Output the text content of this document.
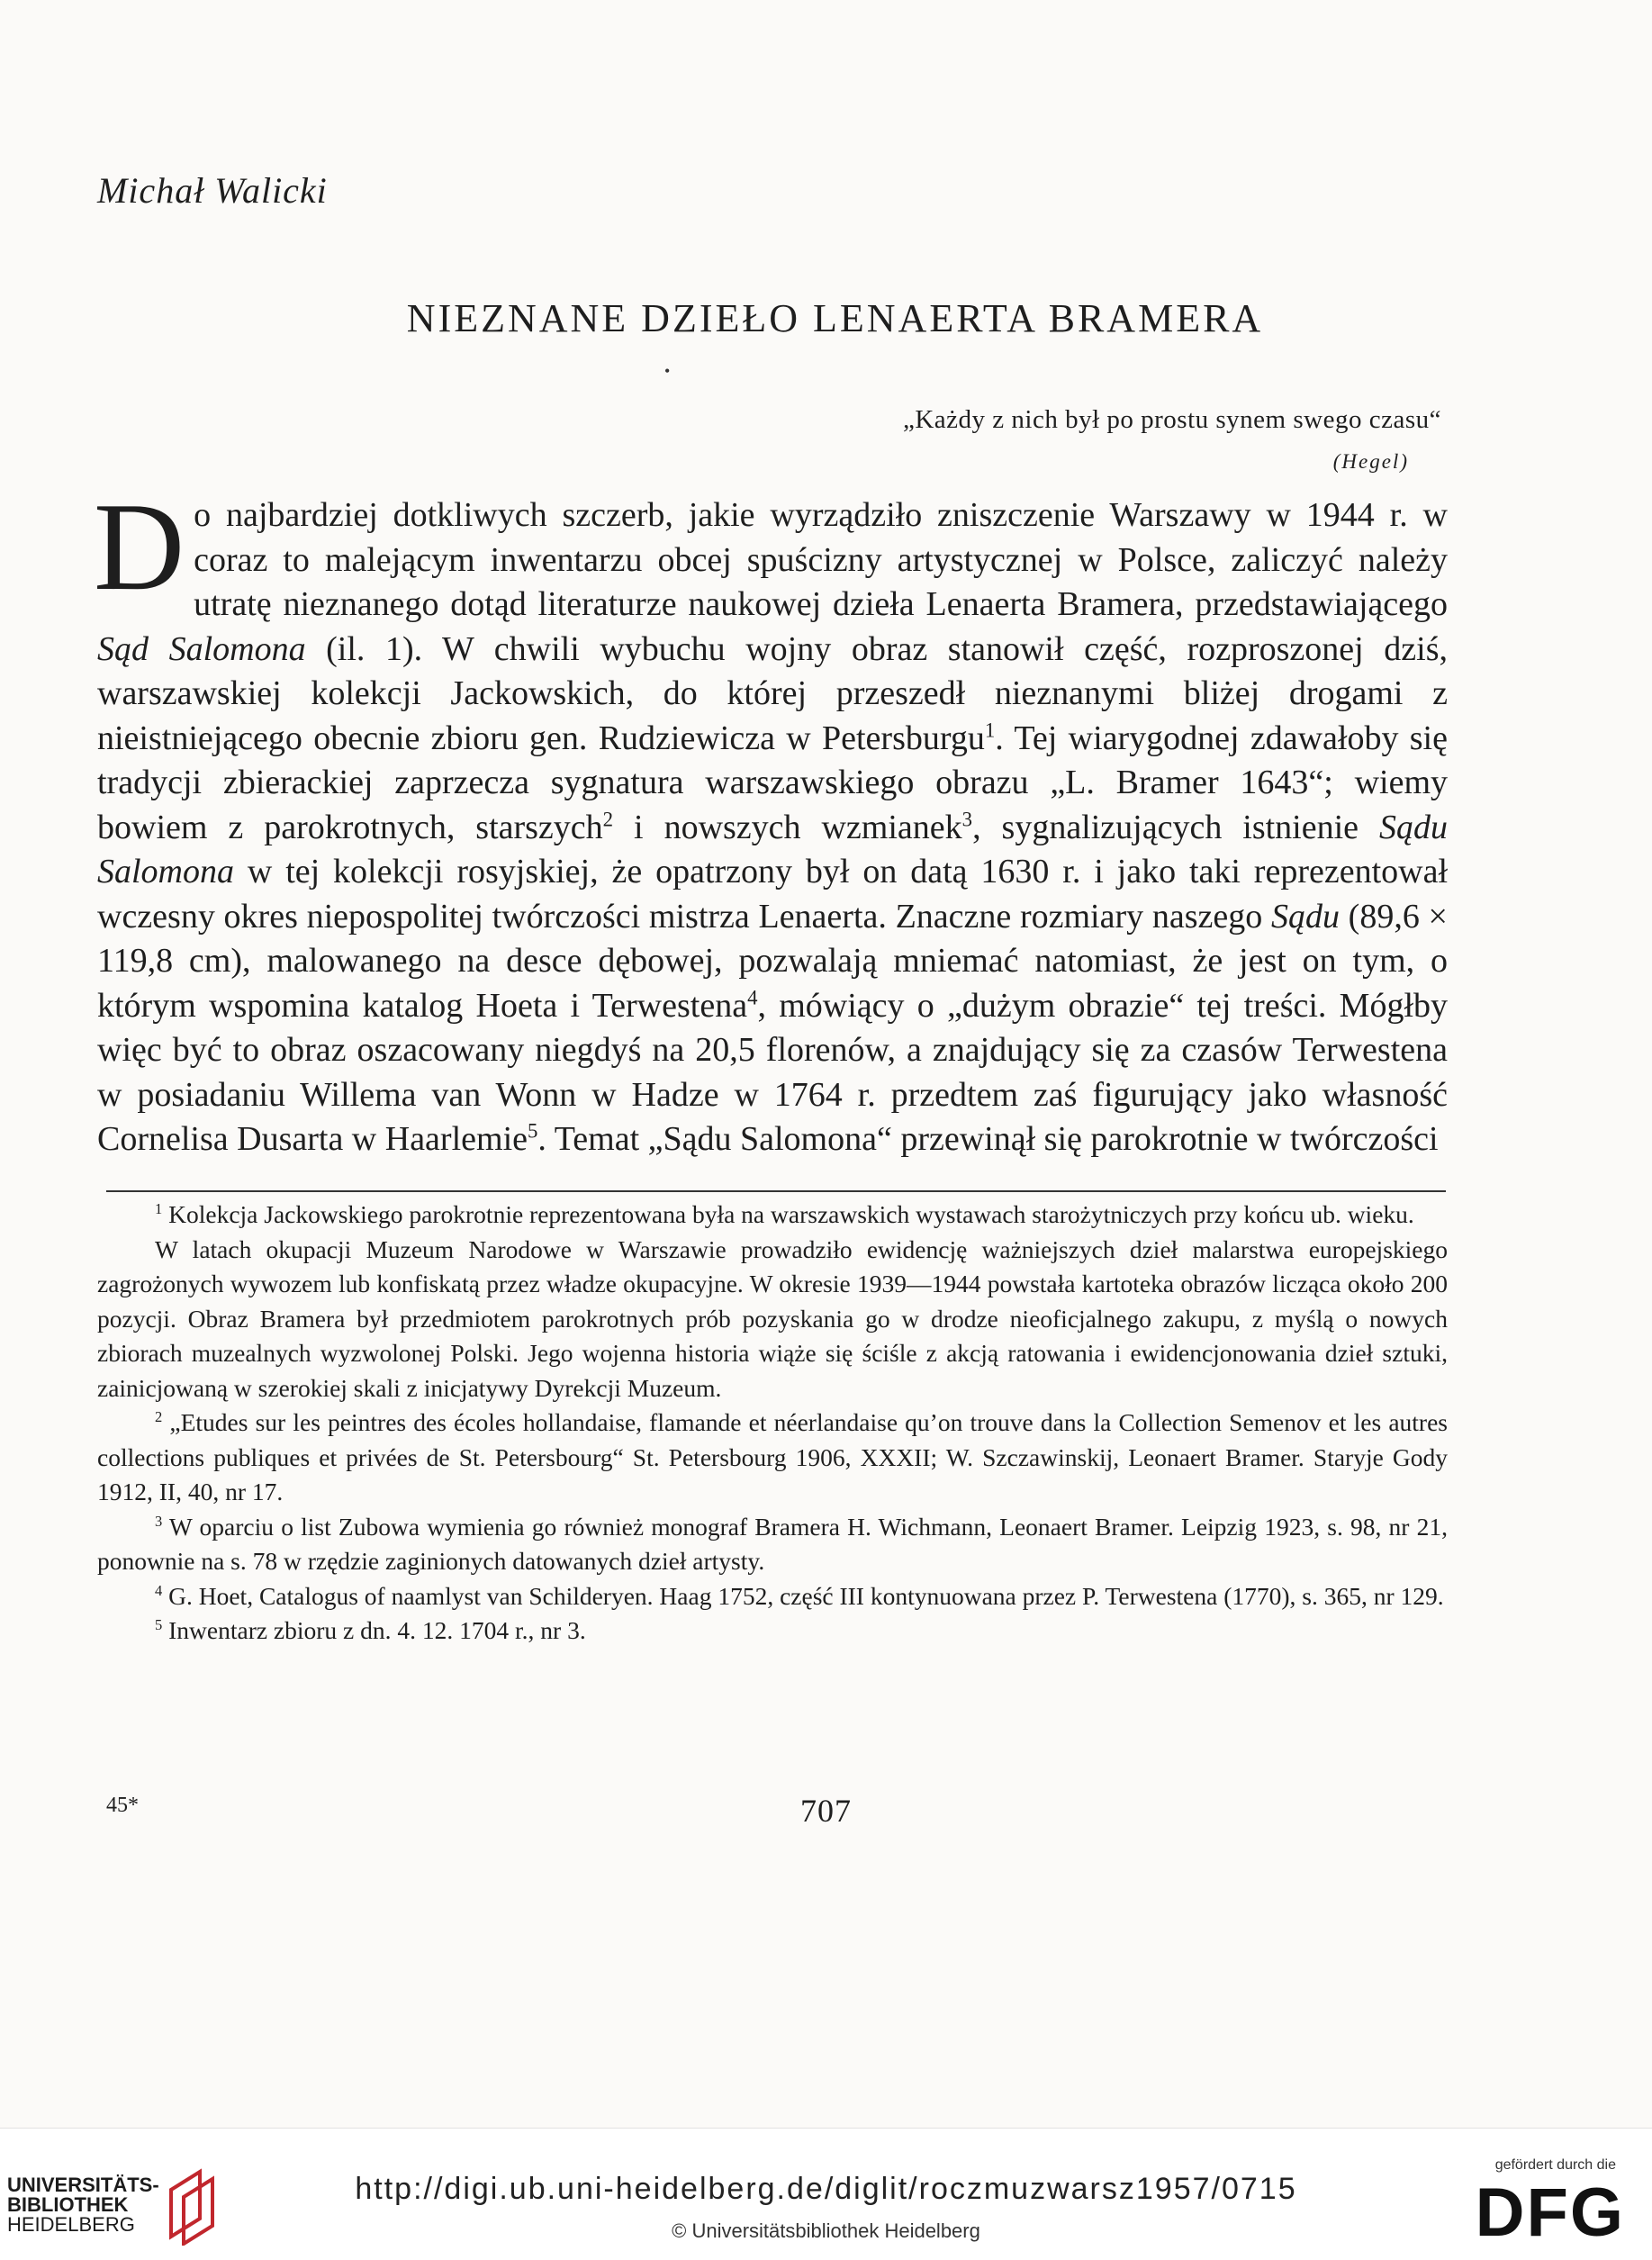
Michał Walicki
NIEZNANE DZIEŁO LENAERTA BRAMERA
•
„Każdy z nich był po prostu synem swego czasu“
(Hegel)
Do najbardziej dotkliwych szczerb, jakie wyrządziło zniszczenie Warszawy w 1944 r. w coraz to malejącym inwentarzu obcej spuścizny artystycznej w Polsce, zaliczyć należy utratę nieznanego dotąd literaturze naukowej dzieła Lenaerta Bramera, przedstawiającego Sąd Salomona (il. 1). W chwili wybuchu wojny obraz stanowił część, rozproszonej dziś, warszawskiej kolekcji Jackowskich, do której przeszedł nieznanymi bliżej drogami z nieistniejącego obecnie zbioru gen. Rudziewicza w Petersburgu$^1$. Tej wiarygodnej zdawałoby się tradycji zbierackiej zaprzecza sygnatura warszawskiego obrazu „L. Bramer 1643“; wiemy bowiem z parokrotnych, starszych$^2$ i nowszych wzmianek$^3$, sygnalizujących istnienie Sądu Salomona w tej kolekcji rosyjskiej, że opatrzony był on datą 1630 r. i jako taki reprezentował wczesny okres niepospolitej twórczości mistrza Lenaerta. Znaczne rozmiary naszego Sądu (89,6 × 119,8 cm), malowanego na desce dębowej, pozwalają mniemać natomiast, że jest on tym, o którym wspomina katalog Hoeta i Terwestena$^4$, mówiący o „dużym obrazie“ tej treści. Mógłby więc być to obraz oszacowany niegdyś na 20,5 florenów, a znajdujący się za czasów Terwestena w posiadaniu Willema van Wonn w Hadze w 1764 r. przedtem zaś figurujący jako własność Cornelisa Dusarta w Haarlemie$^5$. Temat „Sądu Salomona“ przewinął się parokrotnie w twórczości

$^1$ Kolekcja Jackowskiego parokrotnie reprezentowana była na warszawskich wystawach starożytniczych przy końcu ub. wieku.

W latach okupacji Muzeum Narodowe w Warszawie prowadziło ewidencję ważniejszych dzieł malarstwa europejskiego zagrożonych wywozem lub konfiskatą przez władze okupacyjne. W okresie 1939—1944 powstała kartoteka obrazów licząca około 200 pozycji. Obraz Bramera był przedmiotem parokrotnych prób pozyskania go w drodze nieoficjalnego zakupu, z myślą o nowych zbiorach muzealnych wyzwolonej Polski. Jego wojenna historia wiąże się ściśle z akcją ratowania i ewidencjonowania dzieł sztuki, zainicjowaną w szerokiej skali z inicjatywy Dyrekcji Muzeum.

$^2$ „Etudes sur les peintres des écoles hollandaise, flamande et néerlandaise qu’on trouve dans la Collection Semenov et les autres collections publiques et privées de St. Petersbourg“ St. Petersbourg 1906, XXXII; W. Szczawinskij, Leonaert Bramer. Staryje Gody 1912, II, 40, nr 17.

$^3$ W oparciu o list Zubowa wymienia go również monograf Bramera H. Wichmann, Leonaert Bramer. Leipzig 1923, s. 98, nr 21, ponownie na s. 78 w rzędzie zaginionych datowanych dzieł artysty.

$^4$ G. Hoet, Catalogus of naamlyst van Schilderyen. Haag 1752, część III kontynuowana przez P. Terwestena (1770), s. 365, nr 129.

$^5$ Inwentarz zbioru z dn. 4. 12. 1704 r., nr 3.

45*	707
UNIVERSITÄTS-
BIBLIOTHEK
HEIDELBERG
http://digi.ub.uni-heidelberg.de/diglit/roczmuzwarsz1957/0715
© Universitätsbibliothek Heidelberg
gefördert durch die
DFG
